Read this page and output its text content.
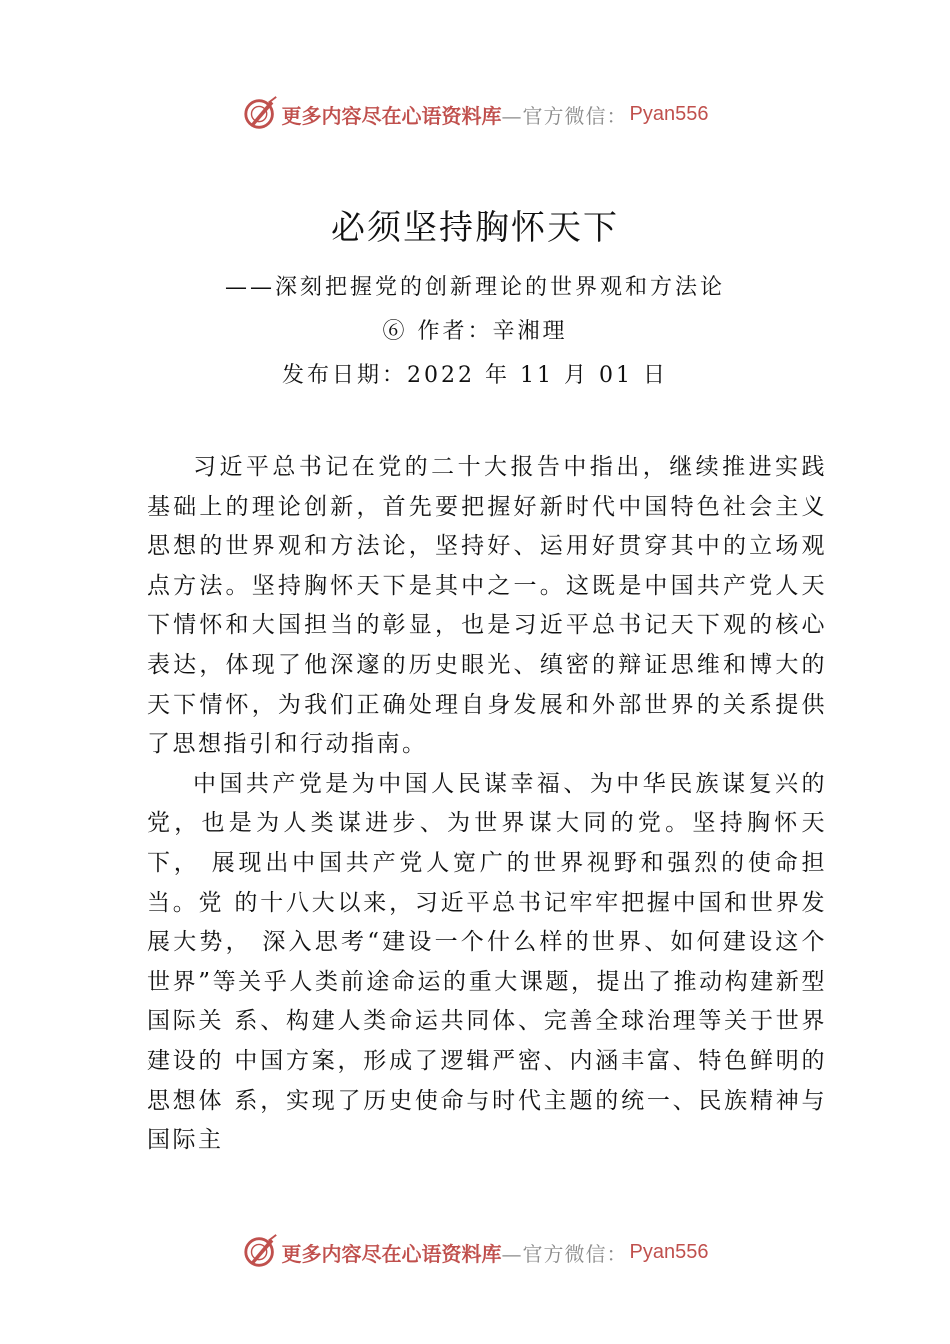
更多内容尽在心语资料库 —官方微信： Pyan556
必须坚持胸怀天下

——深刻把握党的创新理论的世界观和方法论

⑥ 作者：辛湘理

发布日期：2022 年 11 月 01 日

习近平总书记在党的二十大报告中指出，继续推进实践基础上的理论创新，首先要把握好新时代中国特色社会主义思想的世界观和方法论，坚持好、运用好贯穿其中的立场观点方法。坚持胸怀天下是其中之一。这既是中国共产党人天下情怀和大国担当的彰显，也是习近平总书记天下观的核心表达，体现了他深邃的历史眼光、缜密的辩证思维和博大的天下情怀，为我们正确处理自身发展和外部世界的关系提供了思想指引和行动指南。

中国共产党是为中国人民谋幸福、为中华民族谋复兴的党，也是为人类谋进步、为世界谋大同的党。坚持胸怀天下， 展现出中国共产党人宽广的世界视野和强烈的使命担当。党 的十八大以来，习近平总书记牢牢把握中国和世界发展大势， 深入思考“建设一个什么样的世界、如何建设这个世界”等关乎人类前途命运的重大课题，提出了推动构建新型国际关 系、构建人类命运共同体、完善全球治理等关于世界建设的 中国方案，形成了逻辑严密、内涵丰富、特色鲜明的思想体 系，实现了历史使命与时代主题的统一、民族精神与国际主

更多内容尽在心语资料库 —官方微信： Pyan556
